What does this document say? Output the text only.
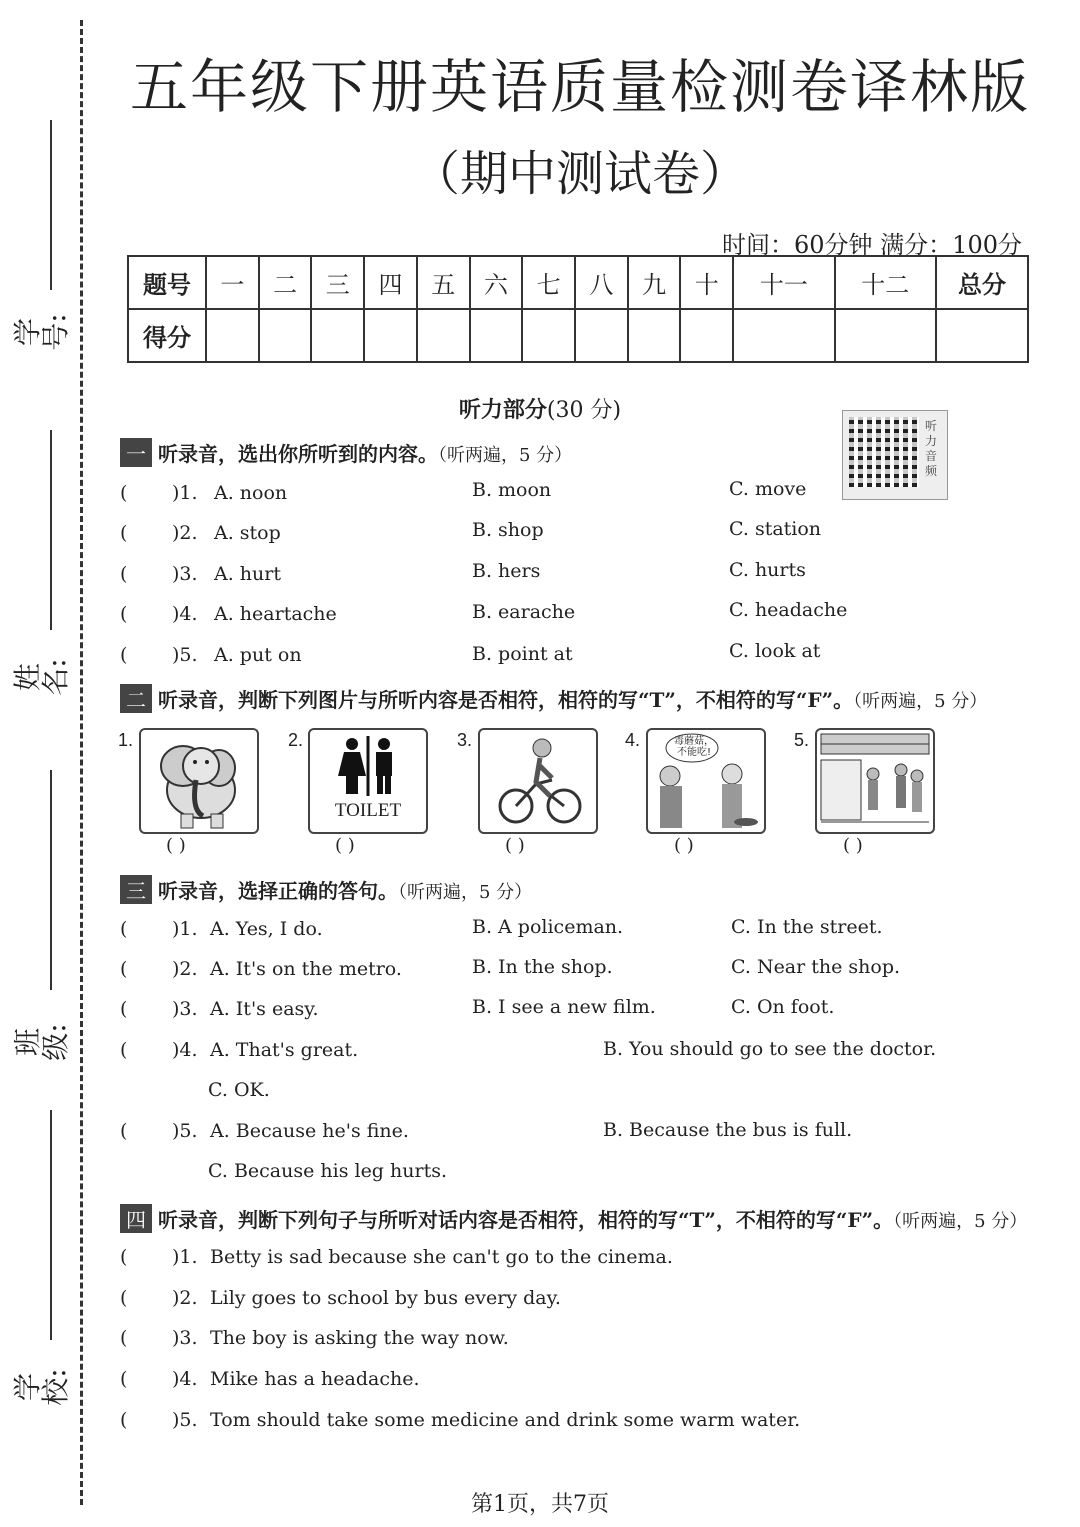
学号:
姓名:
班级:
学校:
五年级下册英语质量检测卷译林版
（期中测试卷）
时间：60分钟 满分：100分
题号	一	二	三	四	五	六	七	八	九	十	十一	十二	总分
得分													
听力部分(30 分)
听力音频
一 听录音，选出你所听到的内容。（听两遍，5 分）
( )1. A. noon	B. moon	C. move
( )2. A. stop	B. shop	C. station
( )3. A. hurt	B. hers	C. hurts
( )4. A. heartache	B. earache	C. headache
( )5. A. put on	B. point at	C. look at
二 听录音，判断下列图片与所听内容是否相符，相符的写“T”，不相符的写“F”。（听两遍，5 分）
1.
( )
2.
TOILET
( )
3.
( )
4.	毒蘑菇，不能吃!
( )
5.
( )
三 听录音，选择正确的答句。（听两遍，5 分）
( )1. A. Yes, I do.	B. A policeman.	C. In the street.
( )2. A. It's on the metro.	B. In the shop.	C. Near the shop.
( )3. A. It's easy.	B. I see a new film.	C. On foot.
( )4. A. That's great.	B. You should go to see the doctor.
C. OK.
( )5. A. Because he's fine.	B. Because the bus is full.
C. Because his leg hurts.
四 听录音，判断下列句子与所听对话内容是否相符，相符的写“T”，不相符的写“F”。（听两遍，5 分）
( )1. Betty is sad because she can't go to the cinema.
( )2. Lily goes to school by bus every day.
( )3. The boy is asking the way now.
( )4. Mike has a headache.
( )5. Tom should take some medicine and drink some warm water.
第1页，共7页
